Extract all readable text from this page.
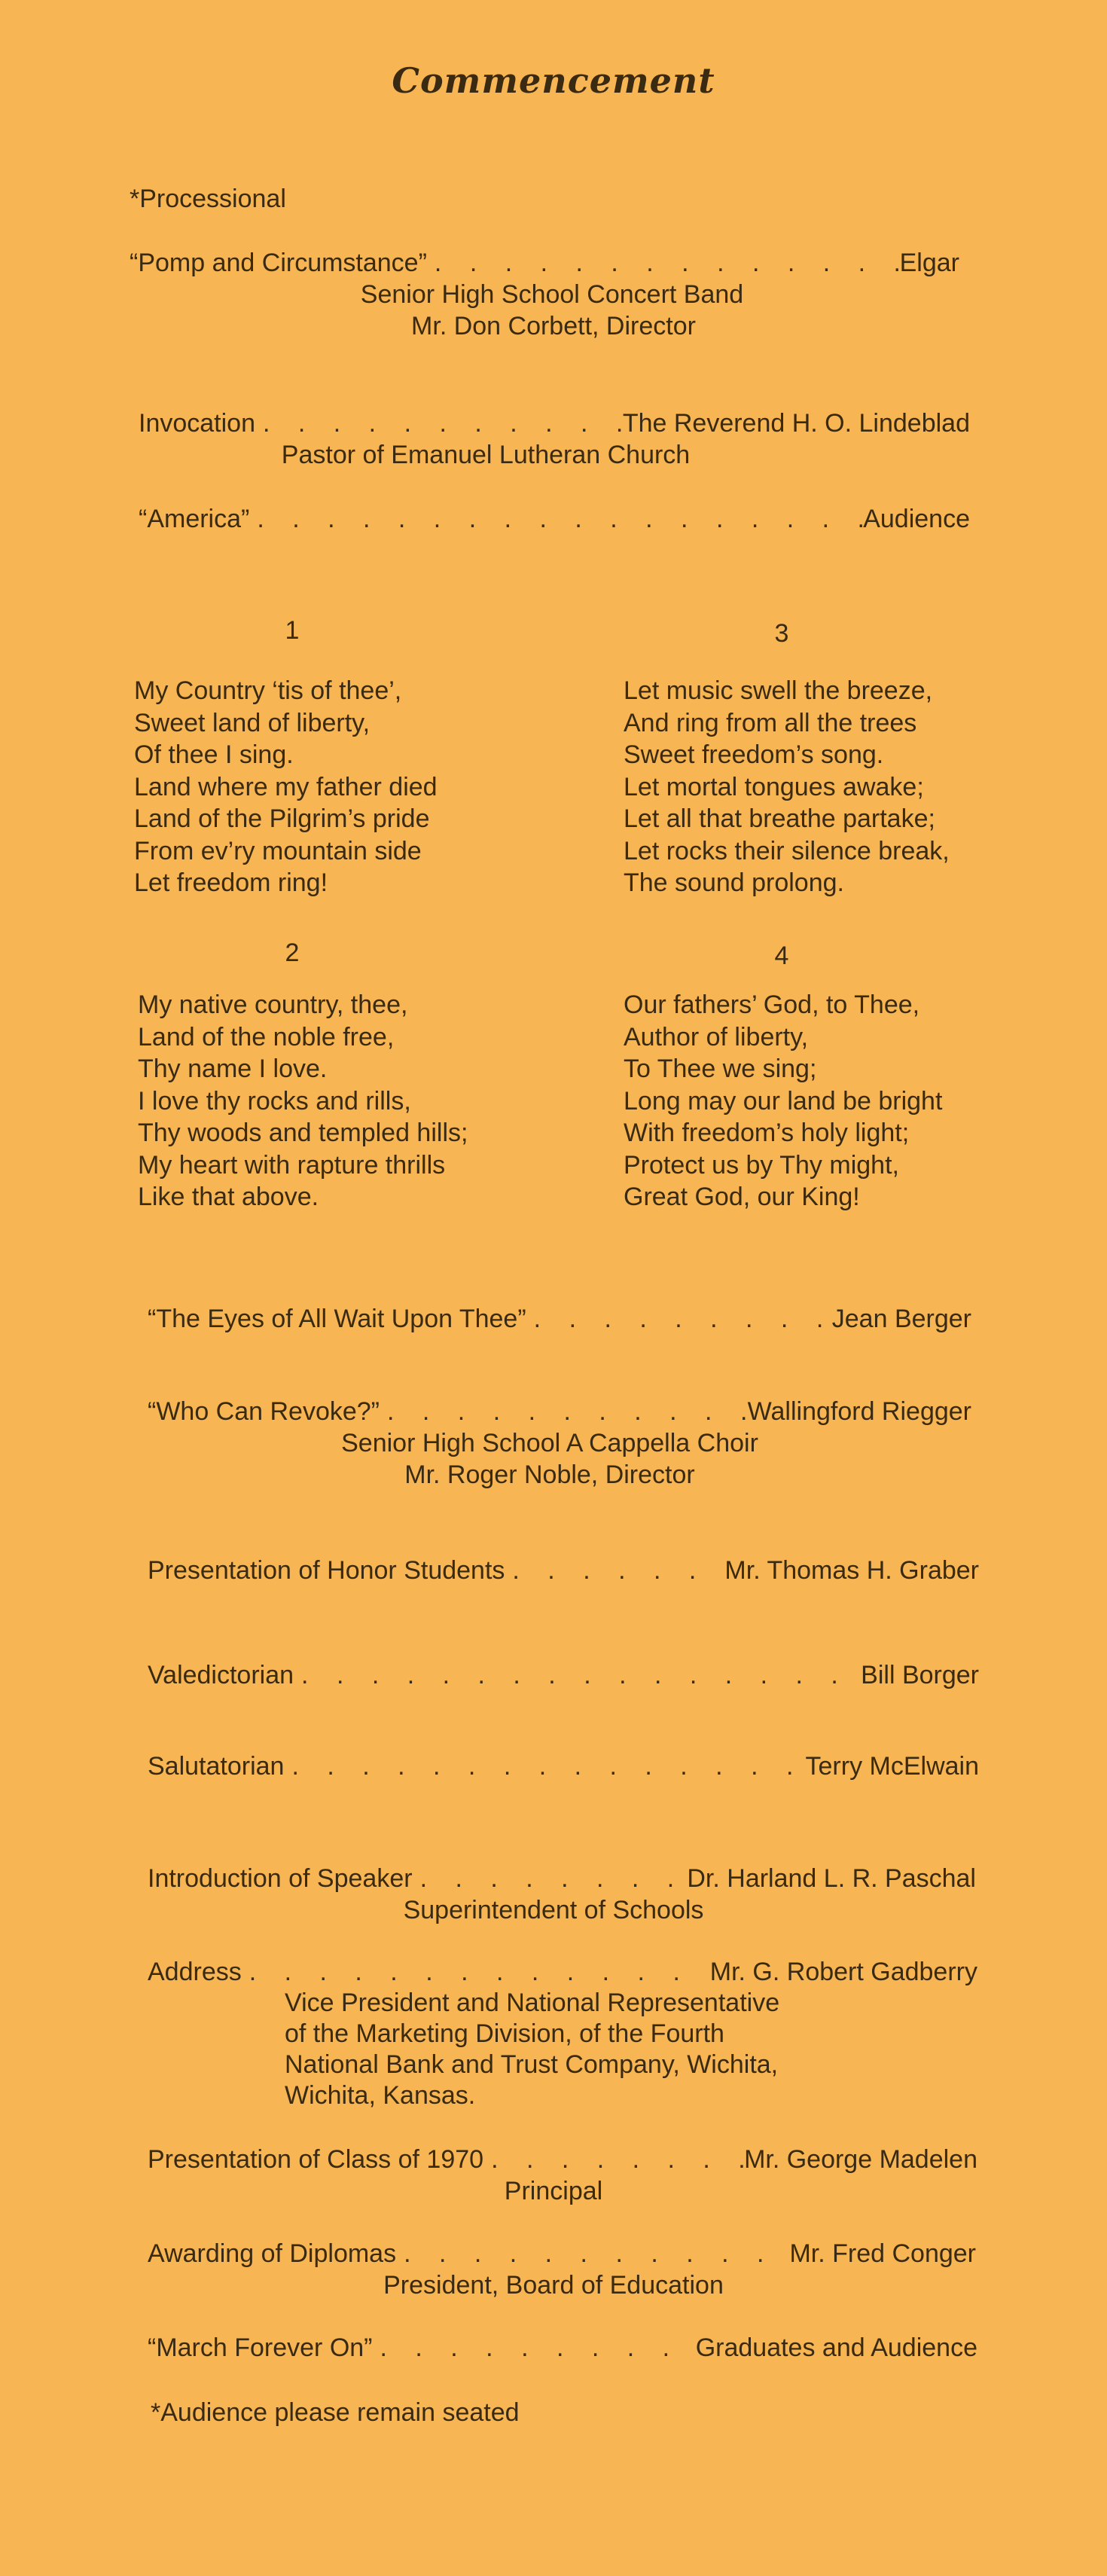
Commencement
*Processional
“Pomp and Circumstance” . . .	Elgar
Senior High School Concert Band
Mr. Don Corbett, Director
Invocation . . .	The Reverend H. O. Lindeblad
Pastor of Emanuel Lutheran Church
“America” . . .	Audience
1
My Country ‘tis of thee’,
Sweet land of liberty,
Of thee I sing.
Land where my father died
Land of the Pilgrim’s pride
From ev’ry mountain side
Let freedom ring!
3
Let music swell the breeze,
And ring from all the trees
Sweet freedom’s song.
Let mortal tongues awake;
Let all that breathe partake;
Let rocks their silence break,
The sound prolong.
2
My native country, thee,
Land of the noble free,
Thy name I love.
I love thy rocks and rills,
Thy woods and templed hills;
My heart with rapture thrills
Like that above.
4
Our fathers’ God, to Thee,
Author of liberty,
To Thee we sing;
Long may our land be bright
With freedom’s holy light;
Protect us by Thy might,
Great God, our King!
“The Eyes of All Wait Upon Thee” . . .	Jean Berger
“Who Can Revoke?” . . .	Wallingford Riegger
Senior High School A Cappella Choir
Mr. Roger Noble, Director
Presentation of Honor Students . . .	Mr. Thomas H. Graber
Valedictorian . . .	Bill Borger
Salutatorian . . .	Terry McElwain
Introduction of Speaker . . .	Dr. Harland L. R. Paschal
Superintendent of Schools
Address . . .	Mr. G. Robert Gadberry
Vice President and National Representative
of the Marketing Division, of the Fourth
National Bank and Trust Company, Wichita,
Wichita, Kansas.
Presentation of Class of 1970 . . .	Mr. George Madelen
Principal
Awarding of Diplomas . . .	Mr. Fred Conger
President, Board of Education
“March Forever On” . . .	Graduates and Audience
*Audience please remain seated
